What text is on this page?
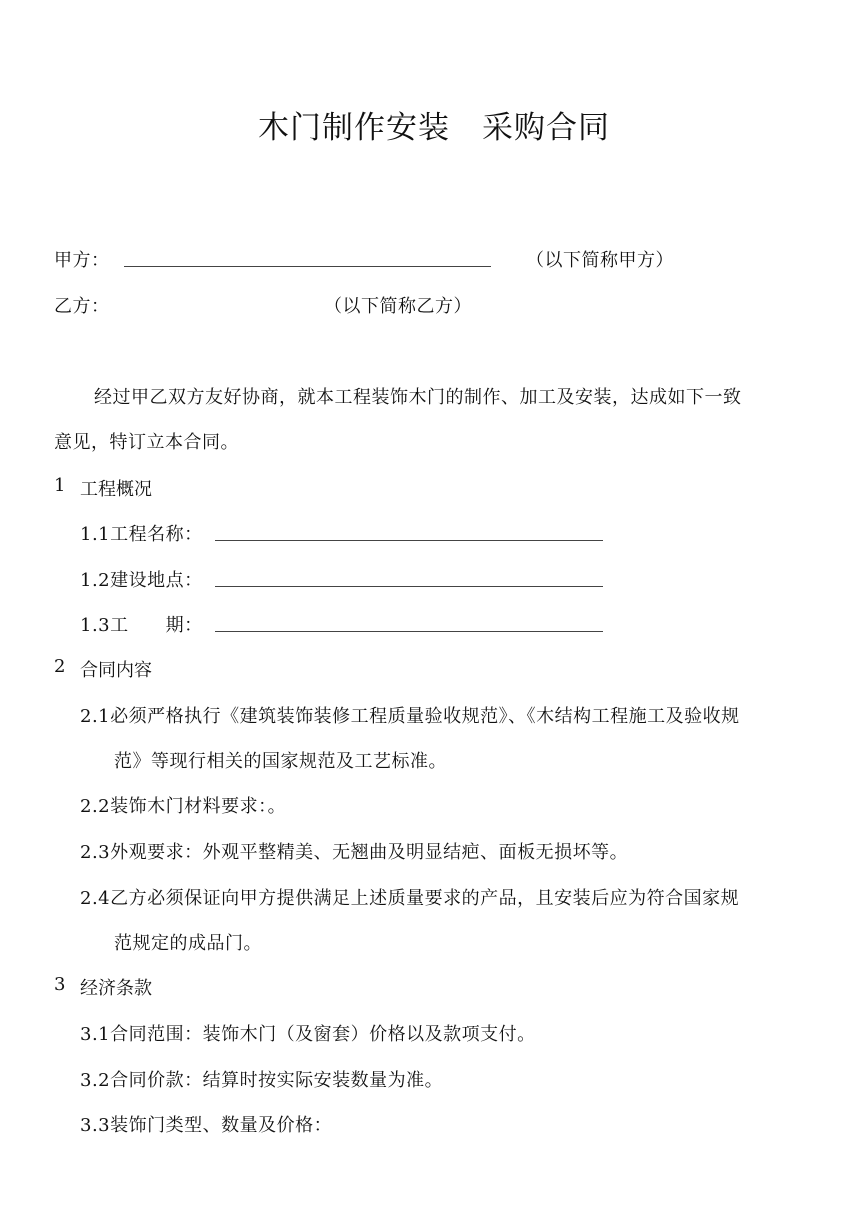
木门制作安装　采购合同
甲方：	（以下简称甲方）
乙方：	（以下简称乙方）
经过甲乙双方友好协商，就本工程装饰木门的制作、加工及安装，达成如下一致
意见，特订立本合同。
1 工程概况
1.1工程名称：
1.2建设地点：
1.3工　　期：
2 合同内容
2.1必须严格执行《建筑装饰装修工程质量验收规范》、《木结构工程施工及验收规
范》等现行相关的国家规范及工艺标准。
2.2装饰木门材料要求：。
2.3外观要求：外观平整精美、无翘曲及明显结疤、面板无损坏等。
2.4乙方必须保证向甲方提供满足上述质量要求的产品，且安装后应为符合国家规
范规定的成品门。
3 经济条款
3.1合同范围：装饰木门（及窗套）价格以及款项支付。
3.2合同价款：结算时按实际安装数量为准。
3.3装饰门类型、数量及价格：
